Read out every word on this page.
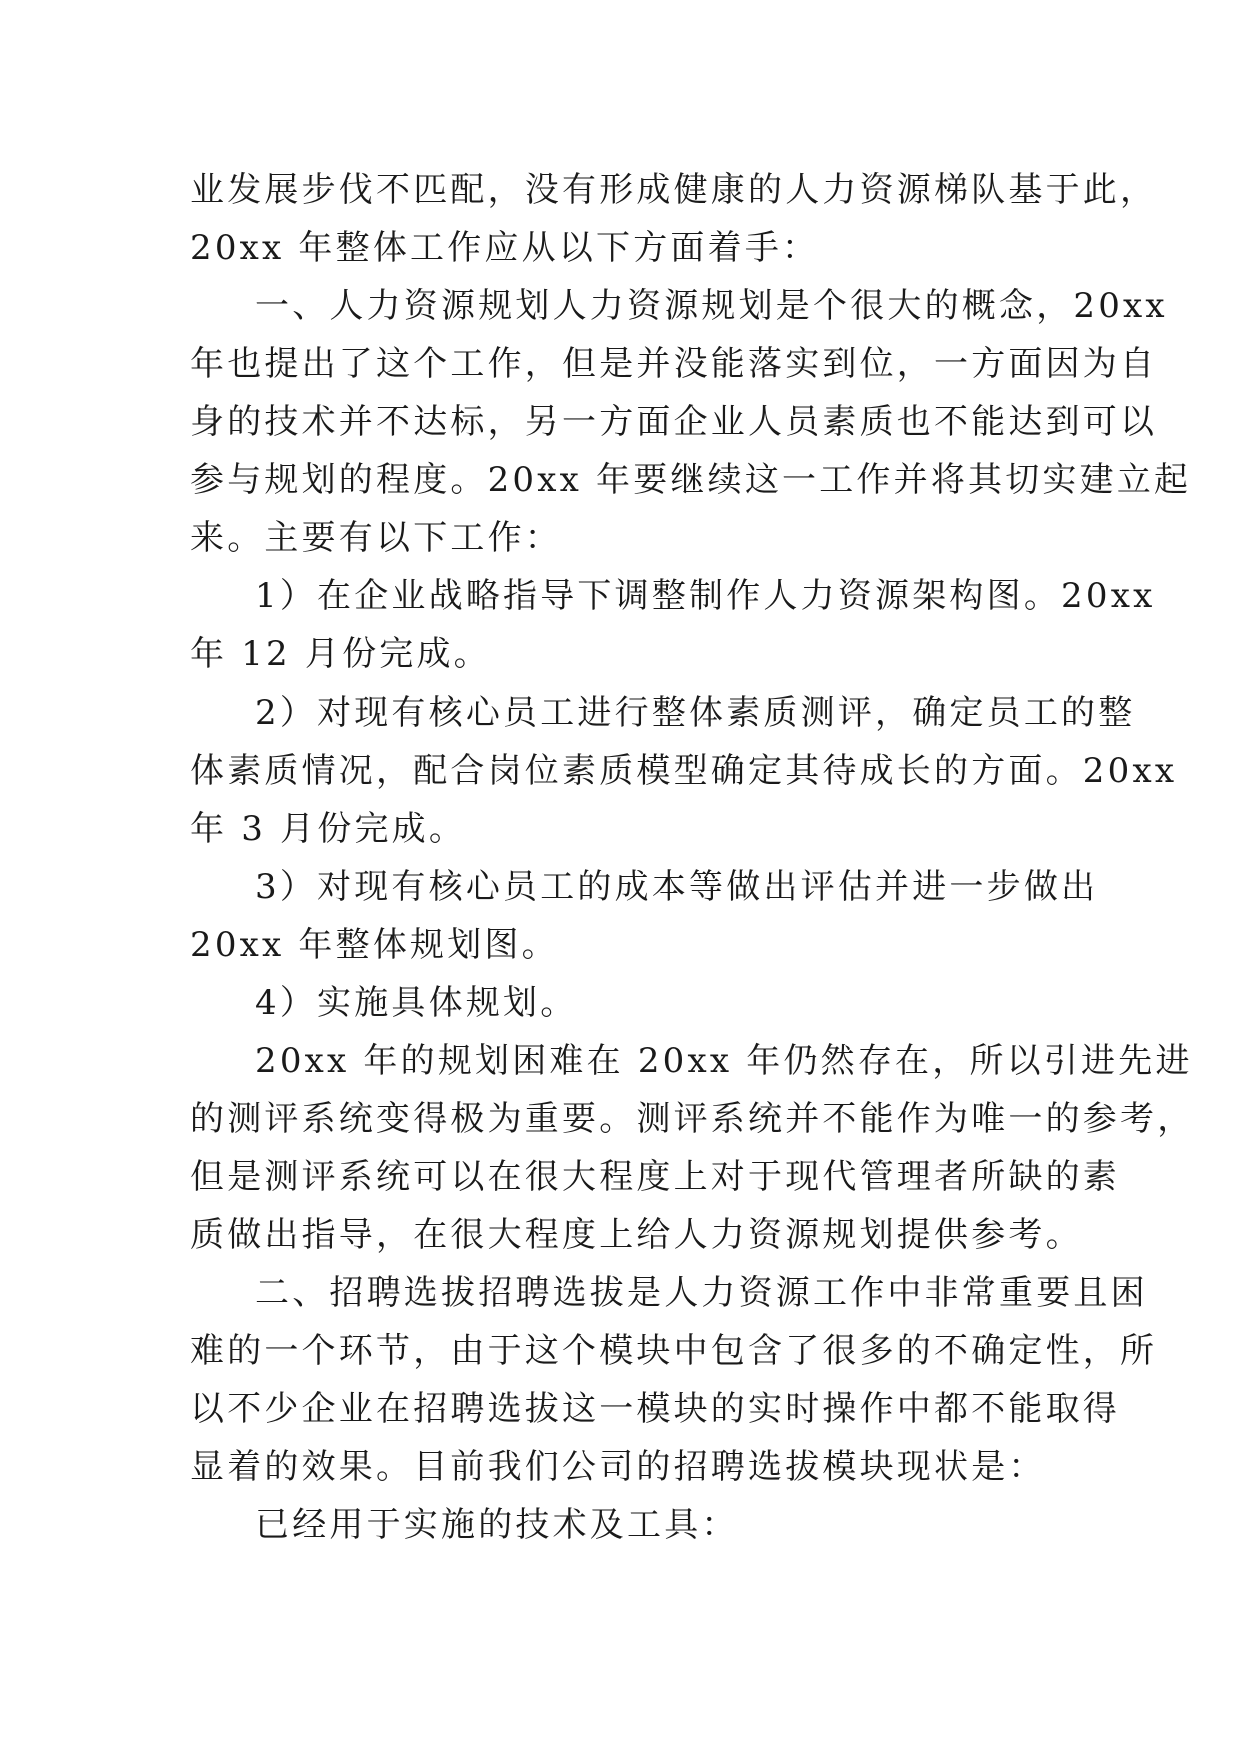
业发展步伐不匹配，没有形成健康的人力资源梯队基于此，
20xx 年整体工作应从以下方面着手：
一、人力资源规划人力资源规划是个很大的概念，20xx
年也提出了这个工作，但是并没能落实到位，一方面因为自
身的技术并不达标，另一方面企业人员素质也不能达到可以
参与规划的程度。20xx 年要继续这一工作并将其切实建立起
来。主要有以下工作：
1）在企业战略指导下调整制作人力资源架构图。20xx
年 12 月份完成。
2）对现有核心员工进行整体素质测评，确定员工的整
体素质情况，配合岗位素质模型确定其待成长的方面。20xx
年 3 月份完成。
3）对现有核心员工的成本等做出评估并进一步做出
20xx 年整体规划图。
4）实施具体规划。
20xx 年的规划困难在 20xx 年仍然存在，所以引进先进
的测评系统变得极为重要。测评系统并不能作为唯一的参考，
但是测评系统可以在很大程度上对于现代管理者所缺的素
质做出指导，在很大程度上给人力资源规划提供参考。
二、招聘选拔招聘选拔是人力资源工作中非常重要且困
难的一个环节，由于这个模块中包含了很多的不确定性，所
以不少企业在招聘选拔这一模块的实时操作中都不能取得
显着的效果。目前我们公司的招聘选拔模块现状是：
已经用于实施的技术及工具：
